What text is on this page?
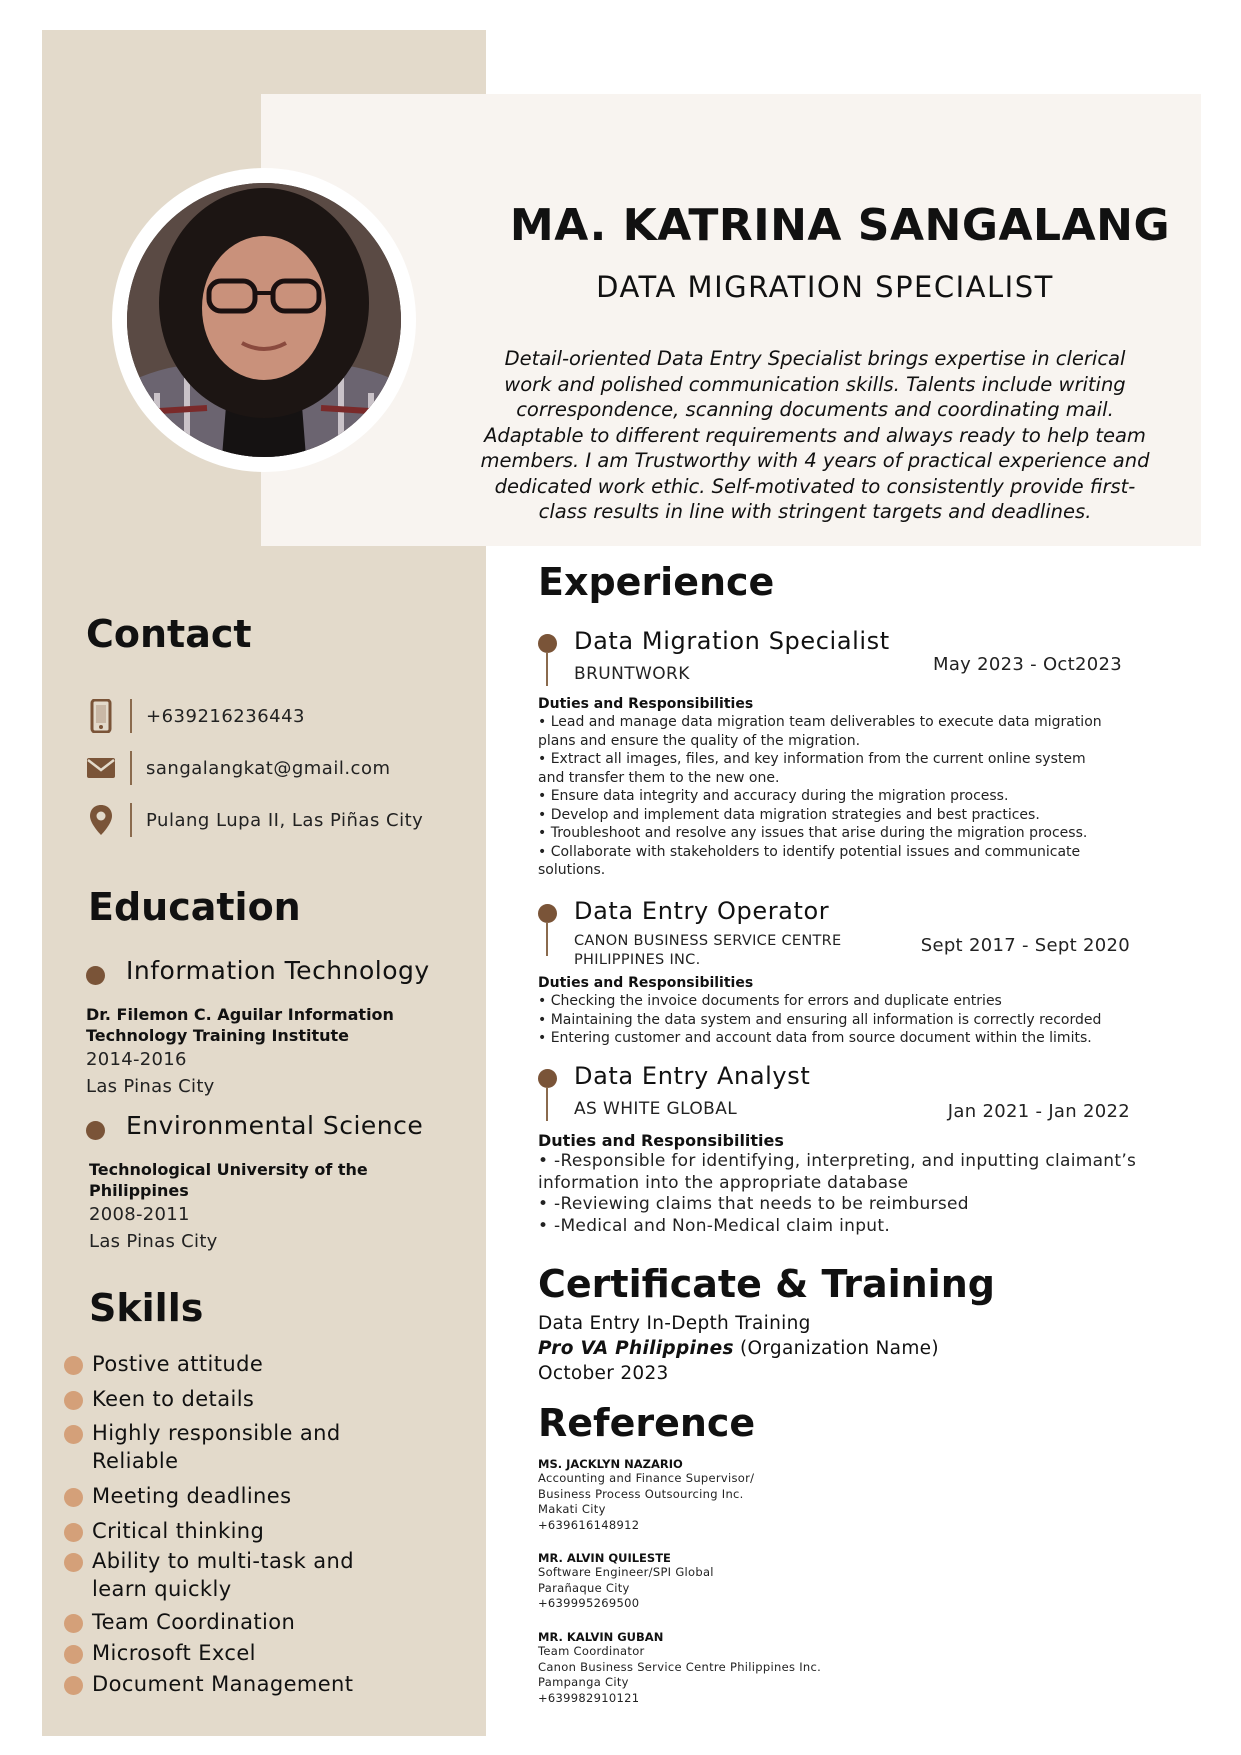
MA. KATRINA SANGALANG
DATA MIGRATION SPECIALIST
Detail-oriented Data Entry Specialist brings expertise in clerical work and polished communication skills. Talents include writing correspondence, scanning documents and coordinating mail. Adaptable to different requirements and always ready to help team members. I am Trustworthy with 4 years of practical experience and dedicated work ethic. Self-motivated to consistently provide first-class results in line with stringent targets and deadlines.
Contact
+639216236443
sangalangkat@gmail.com
Pulang Lupa II, Las Piñas City
Education
Information Technology
Dr. Filemon C. Aguilar Information
Technology Training Institute
2014-2016
Las Pinas City
Environmental Science
Technological University of the
Philippines
2008-2011
Las Pinas City
Skills
Postive attitude
Keen to details
Highly responsible and
Reliable
Meeting deadlines
Critical thinking
Ability to multi-task and
learn quickly
Team Coordination
Microsoft Excel
Document Management
Experience
Data Migration Specialist
BRUNTWORK	May 2023 - Oct2023
Duties and Responsibilities

• Lead and manage data migration team deliverables to execute data migration

plans and ensure the quality of the migration.

• Extract all images, files, and key information from the current online system

and transfer them to the new one.

• Ensure data integrity and accuracy during the migration process.

• Develop and implement data migration strategies and best practices.

• Troubleshoot and resolve any issues that arise during the migration process.

• Collaborate with stakeholders to identify potential issues and communicate

solutions.

Data Entry Operator
CANON BUSINESS SERVICE CENTRE
PHILIPPINES INC.
Sept 2017 - Sept 2020
Duties and Responsibilities

• Checking the invoice documents for errors and duplicate entries

• Maintaining the data system and ensuring all information is correctly recorded

• Entering customer and account data from source document within the limits.

Data Entry Analyst
AS WHITE GLOBAL	Jan 2021 - Jan 2022
Duties and Responsibilities

• -Responsible for identifying, interpreting, and inputting claimant’s

information into the appropriate database

• -Reviewing claims that needs to be reimbursed

• -Medical and Non-Medical claim input.

Certificate & Training
Data Entry In-Depth Training
Pro VA Philippines (Organization Name)
October 2023
Reference
MS. JACKLYN NAZARIO
Accounting and Finance Supervisor/
Business Process Outsourcing Inc.
Makati City
+639616148912
MR. ALVIN QUILESTE
Software Engineer/SPI Global
Parañaque City
+639995269500
MR. KALVIN GUBAN
Team Coordinator
Canon Business Service Centre Philippines Inc.
Pampanga City
+639982910121
